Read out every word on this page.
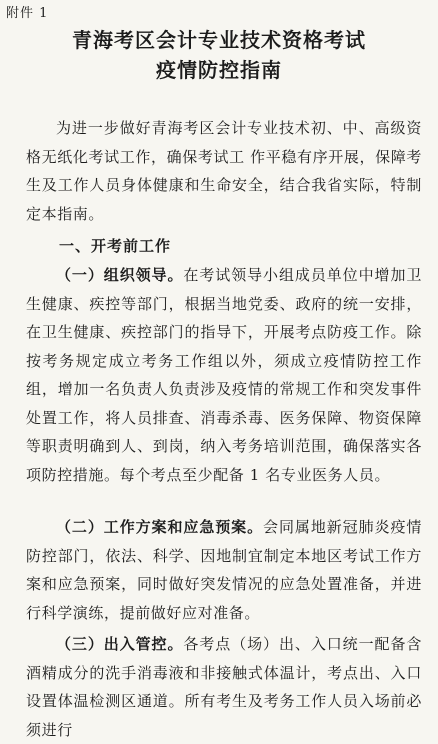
附件 1
青海考区会计专业技术资格考试
疫情防控指南
为进一步做好青海考区会计专业技术初、中、高级资格无纸化考试工作，确保考试工 作平稳有序开展，保障考生及工作人员身体健康和生命安全，结合我省实际，特制定本指南。
一、开考前工作
（一）组织领导。在考试领导小组成员单位中增加卫生健康、疾控等部门，根据当地党委、政府的统一安排，在卫生健康、疾控部门的指导下，开展考点防疫工作。除按考务规定成立考务工作组以外，须成立疫情防控工作组，增加一名负责人负责涉及疫情的常规工作和突发事件处置工作，将人员排查、消毒杀毒、医务保障、物资保障等职责明确到人、到岗，纳入考务培训范围，确保落实各项防控措施。每个考点至少配备 1 名专业医务人员。
（二）工作方案和应急预案。会同属地新冠肺炎疫情防控部门，依法、科学、因地制宜制定本地区考试工作方案和应急预案，同时做好突发情况的应急处置准备，并进行科学演练，提前做好应对准备。
（三）出入管控。各考点（场）出、入口统一配备含酒精成分的洗手消毒液和非接触式体温计，考点出、入口设置体温检测区通道。所有考生及考务工作人员入场前必须进行
